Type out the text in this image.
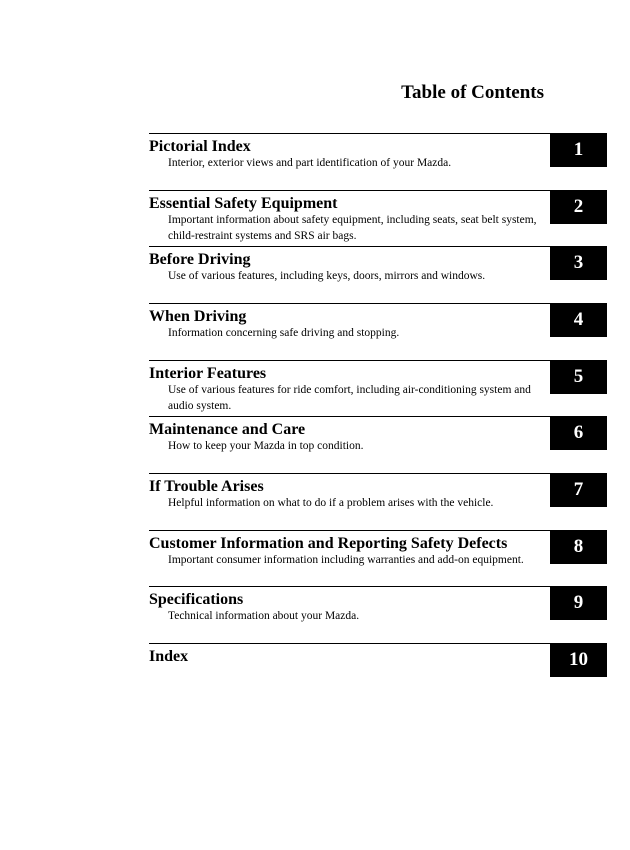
Table of Contents
Pictorial Index
Interior, exterior views and part identification of your Mazda.
1
Essential Safety Equipment
Important information about safety equipment, including seats, seat belt system, child-restraint systems and SRS air bags.
2
Before Driving
Use of various features, including keys, doors, mirrors and windows.
3
When Driving
Information concerning safe driving and stopping.
4
Interior Features
Use of various features for ride comfort, including air-conditioning system and audio system.
5
Maintenance and Care
How to keep your Mazda in top condition.
6
If Trouble Arises
Helpful information on what to do if a problem arises with the vehicle.
7
Customer Information and Reporting Safety Defects
Important consumer information including warranties and add-on equipment.
8
Specifications
Technical information about your Mazda.
9
Index	10
